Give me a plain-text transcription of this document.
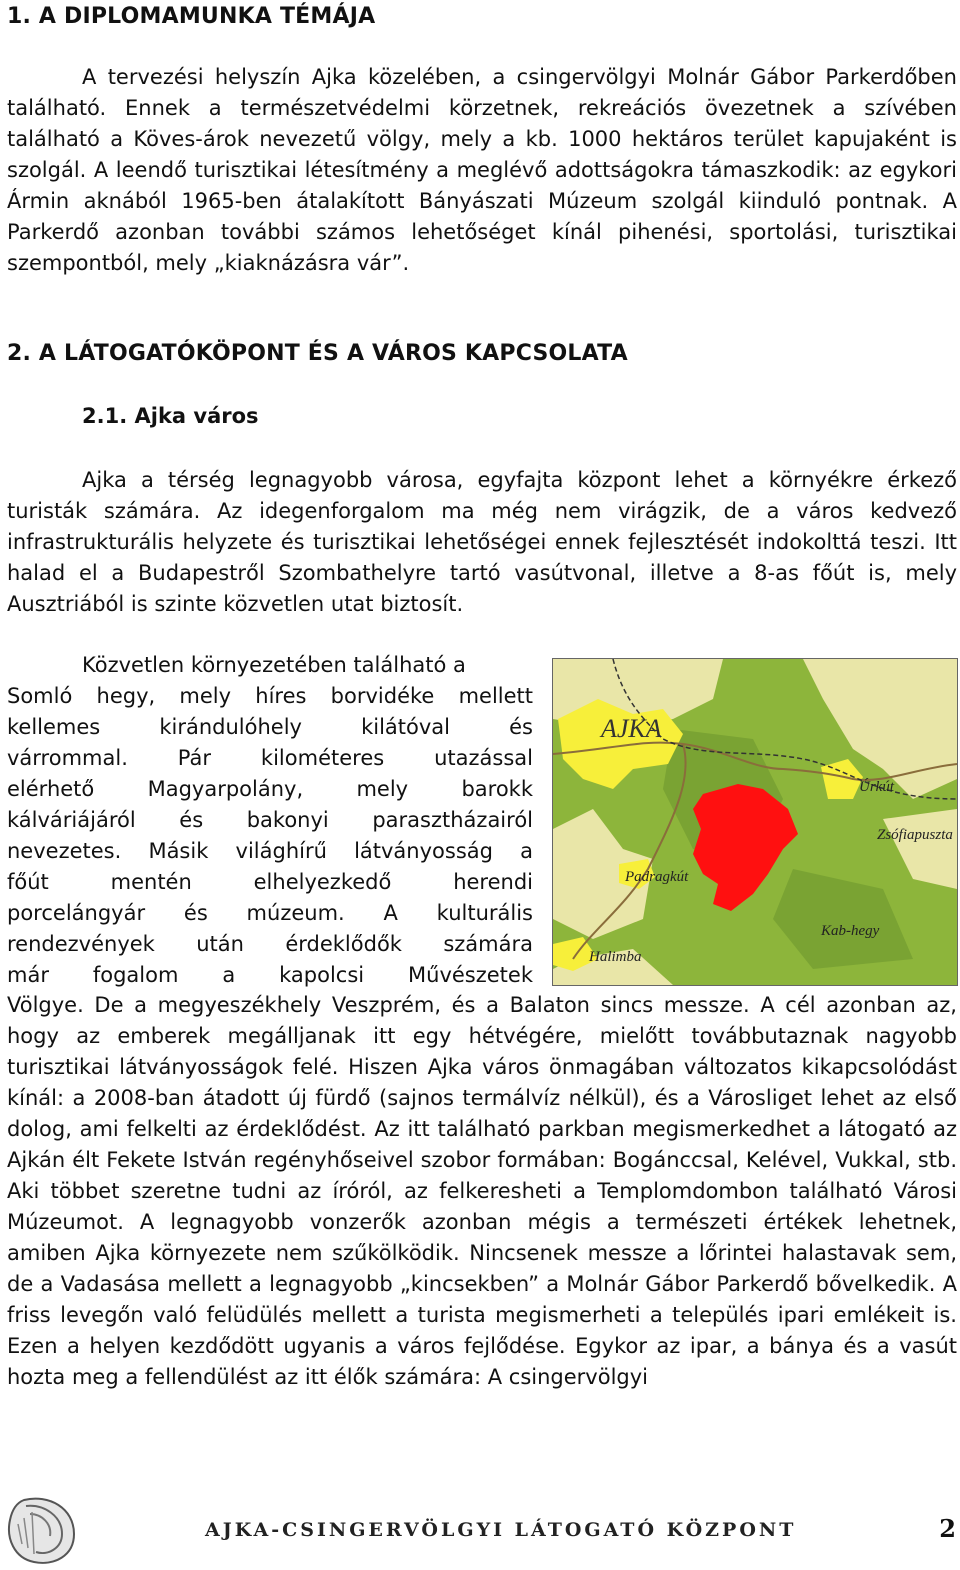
1. A DIPLOMAMUNKA TÉMÁJA

A tervezési helyszín Ajka közelében, a csingervölgyi Molnár Gábor Parkerdőben található. Ennek a természetvédelmi körzetnek, rekreációs övezetnek a szívében található a Köves-árok nevezetű völgy, mely a kb. 1000 hektáros terület kapujaként is szolgál. A leendő turisztikai létesítmény a meglévő adottságokra támaszkodik: az egykori Ármin aknából 1965-ben átalakított Bányászati Múzeum szolgál kiinduló pontnak. A Parkerdő azonban további számos lehetőséget kínál pihenési, sportolási, turisztikai szempontból, mely „kiaknázásra vár”.

2. A LÁTOGATÓKÖPONT ÉS A VÁROS KAPCSOLATA
2.1. Ajka város

Ajka a térség legnagyobb városa, egyfajta központ lehet a környékre érkező turisták számára. Az idegenforgalom ma még nem virágzik, de a város kedvező infrastrukturális helyzete és turisztikai lehetőségei ennek fejlesztését indokolttá teszi. Itt halad el a Budapestről Szombathelyre tartó vasútvonal, illetve a 8-as főút is, mely Ausztriából is szinte közvetlen utat biztosít.

Közvetlen környezetében található a
Somló hegy, mely híres borvidéke mellett
kellemes kirándulóhely kilátóval és
várrommal. Pár kilométeres utazással
elérhető Magyarpolány, mely barokk
kálváriájáról és bakonyi parasztházairól
nevezetes. Másik világhírű látványosság a
főút mentén elhelyezkedő herendi
porcelángyár és múzeum. A kulturális
rendezvények után érdeklődők számára
már fogalom a kapolcsi Művészetek
AJKA
Úrkút
Zsófiapuszta
Padragkút
Kab-hegy
Halimba

Völgye. De a megyeszékhely Veszprém, és a Balaton sincs messze. A cél azonban az, hogy az emberek megálljanak itt egy hétvégére, mielőtt továbbutaznak nagyobb turisztikai látványosságok felé. Hiszen Ajka város önmagában változatos kikapcsolódást kínál: a 2008-ban átadott új fürdő (sajnos termálvíz nélkül), és a Városliget lehet az első dolog, ami felkelti az érdeklődést. Az itt található parkban megismerkedhet a látogató az Ajkán élt Fekete István regényhőseivel szobor formában: Bogánccsal, Kelével, Vukkal, stb. Aki többet szeretne tudni az íróról, az felkeresheti a Templomdombon található Városi Múzeumot. A legnagyobb vonzerők azonban mégis a természeti értékek lehetnek, amiben Ajka környezete nem szűkölködik. Nincsenek messze a lőrintei halastavak sem, de a Vadasása mellett a legnagyobb „kincsekben” a Molnár Gábor Parkerdő bővelkedik. A friss levegőn való felüdülés mellett a turista megismerheti a település ipari emlékeit is. Ezen a helyen kezdődött ugyanis a város fejlődése. Egykor az ipar, a bánya és a vasút hozta meg a fellendülést az itt élők számára: A csingervölgyi

AJKA-CSINGERVÖLGYI LÁTOGATÓ KÖZPONT	2
